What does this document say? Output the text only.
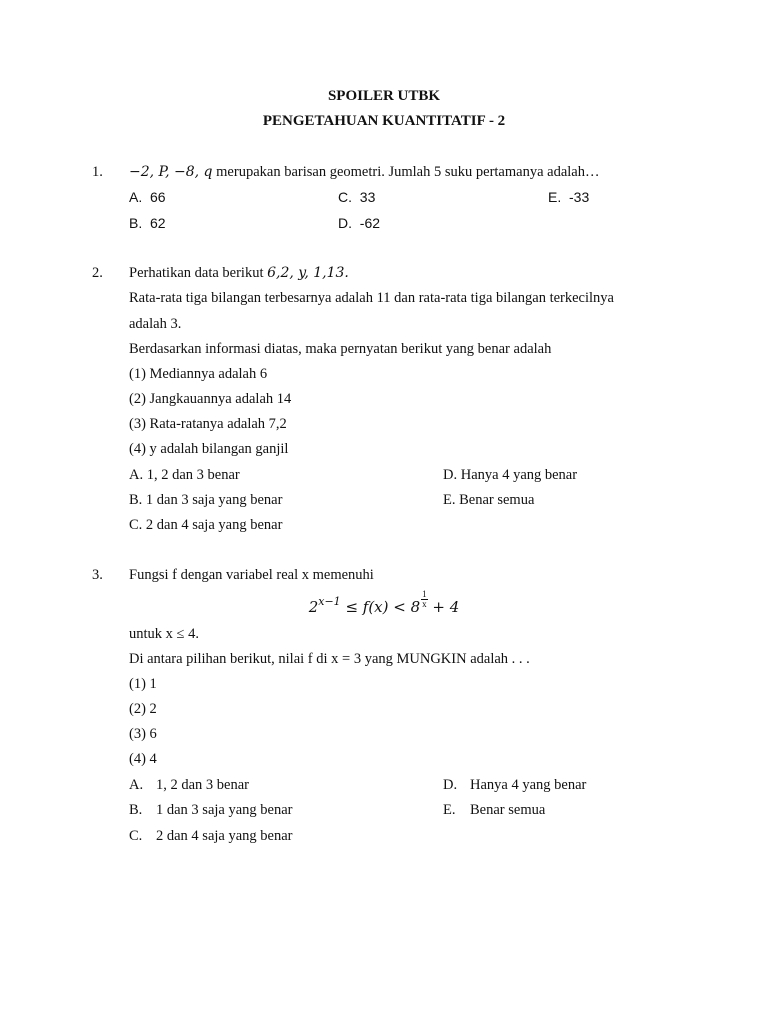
SPOILER UTBK
PENGETAHUAN KUANTITATIF - 2
1. −2, P, −8, q merupakan barisan geometri. Jumlah 5 suku pertamanya adalah…
A. 66	C. 33	E. -33
B. 62	D. -62
2. Perhatikan data berikut 6,2, y, 1,13.
Rata-rata tiga bilangan terbesarnya adalah 11 dan rata-rata tiga bilangan terkecilnya
adalah 3.
Berdasarkan informasi diatas, maka pernyatan berikut yang benar adalah
(1) Mediannya adalah 6
(2) Jangkauannya adalah 14
(3) Rata-ratanya adalah 7,2
(4) y adalah bilangan ganjil
A. 1, 2 dan 3 benar	D. Hanya 4 yang benar
B. 1 dan 3 saja yang benar	E. Benar semua
C. 2 dan 4 saja yang benar
3. Fungsi f dengan variabel real x memenuhi
$2^{x-1} \le f(x) < 8 \frac{1}{x} + 4$
untuk x ≤ 4.
Di antara pilihan berikut, nilai f di x = 3 yang MUNGKIN adalah . . .
(1) 1
(2) 2
(3) 6
(4) 4
A. 1, 2 dan 3 benar	D. Hanya 4 yang benar
B. 1 dan 3 saja yang benar	E. Benar semua
C. 2 dan 4 saja yang benar
